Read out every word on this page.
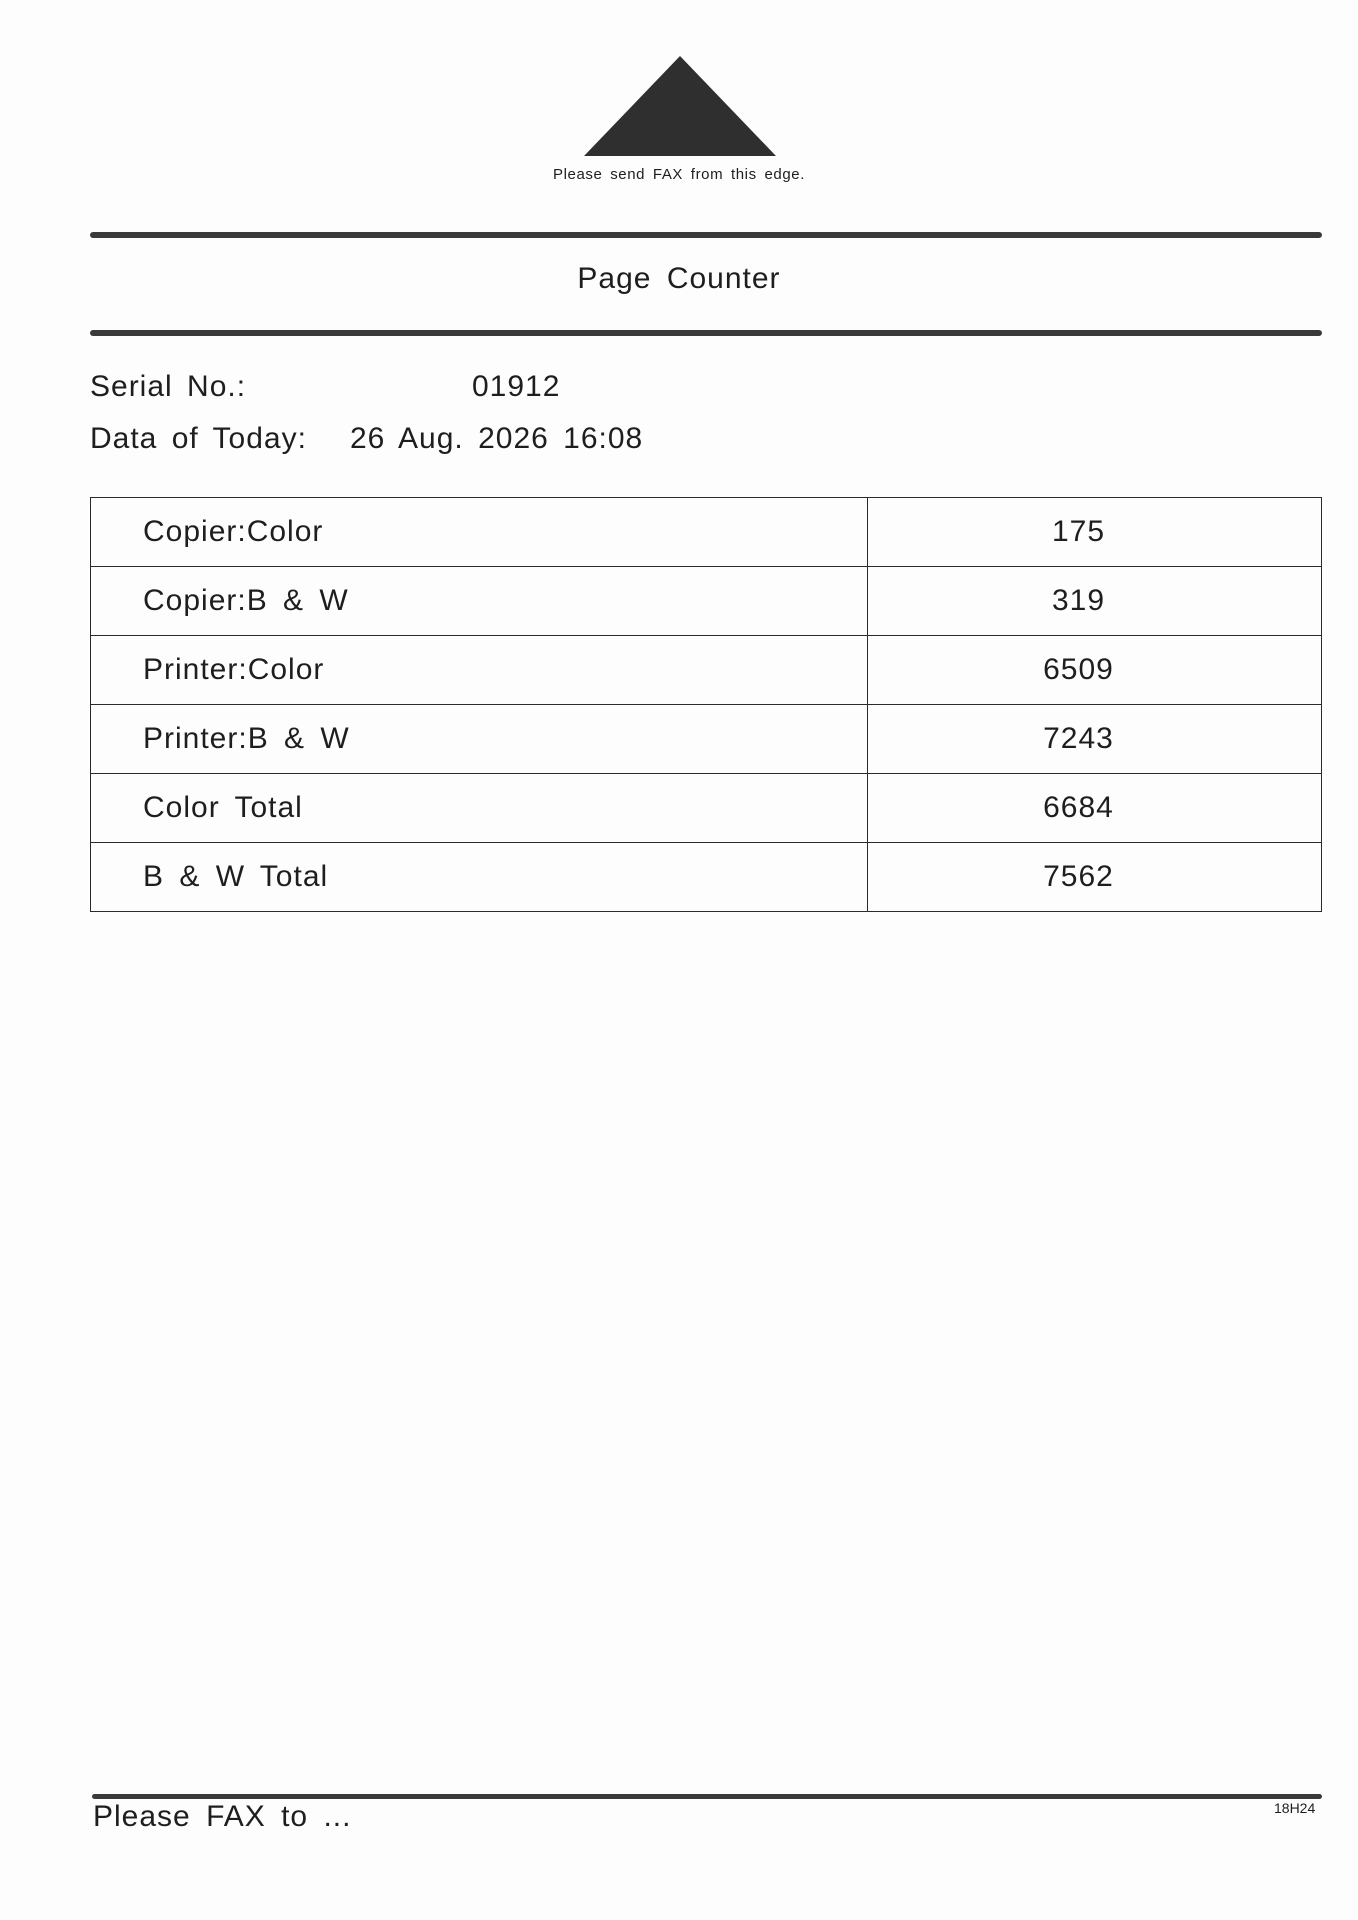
Please send FAX from this edge.
Page Counter
Serial No.:	01912
Data of Today: 26 Aug. 2026 16:08
Copier:Color	175
Copier:B & W	319
Printer:Color	6509
Printer:B & W	7243
Color Total	6684
B & W Total	7562
Please FAX to ...	18H24
